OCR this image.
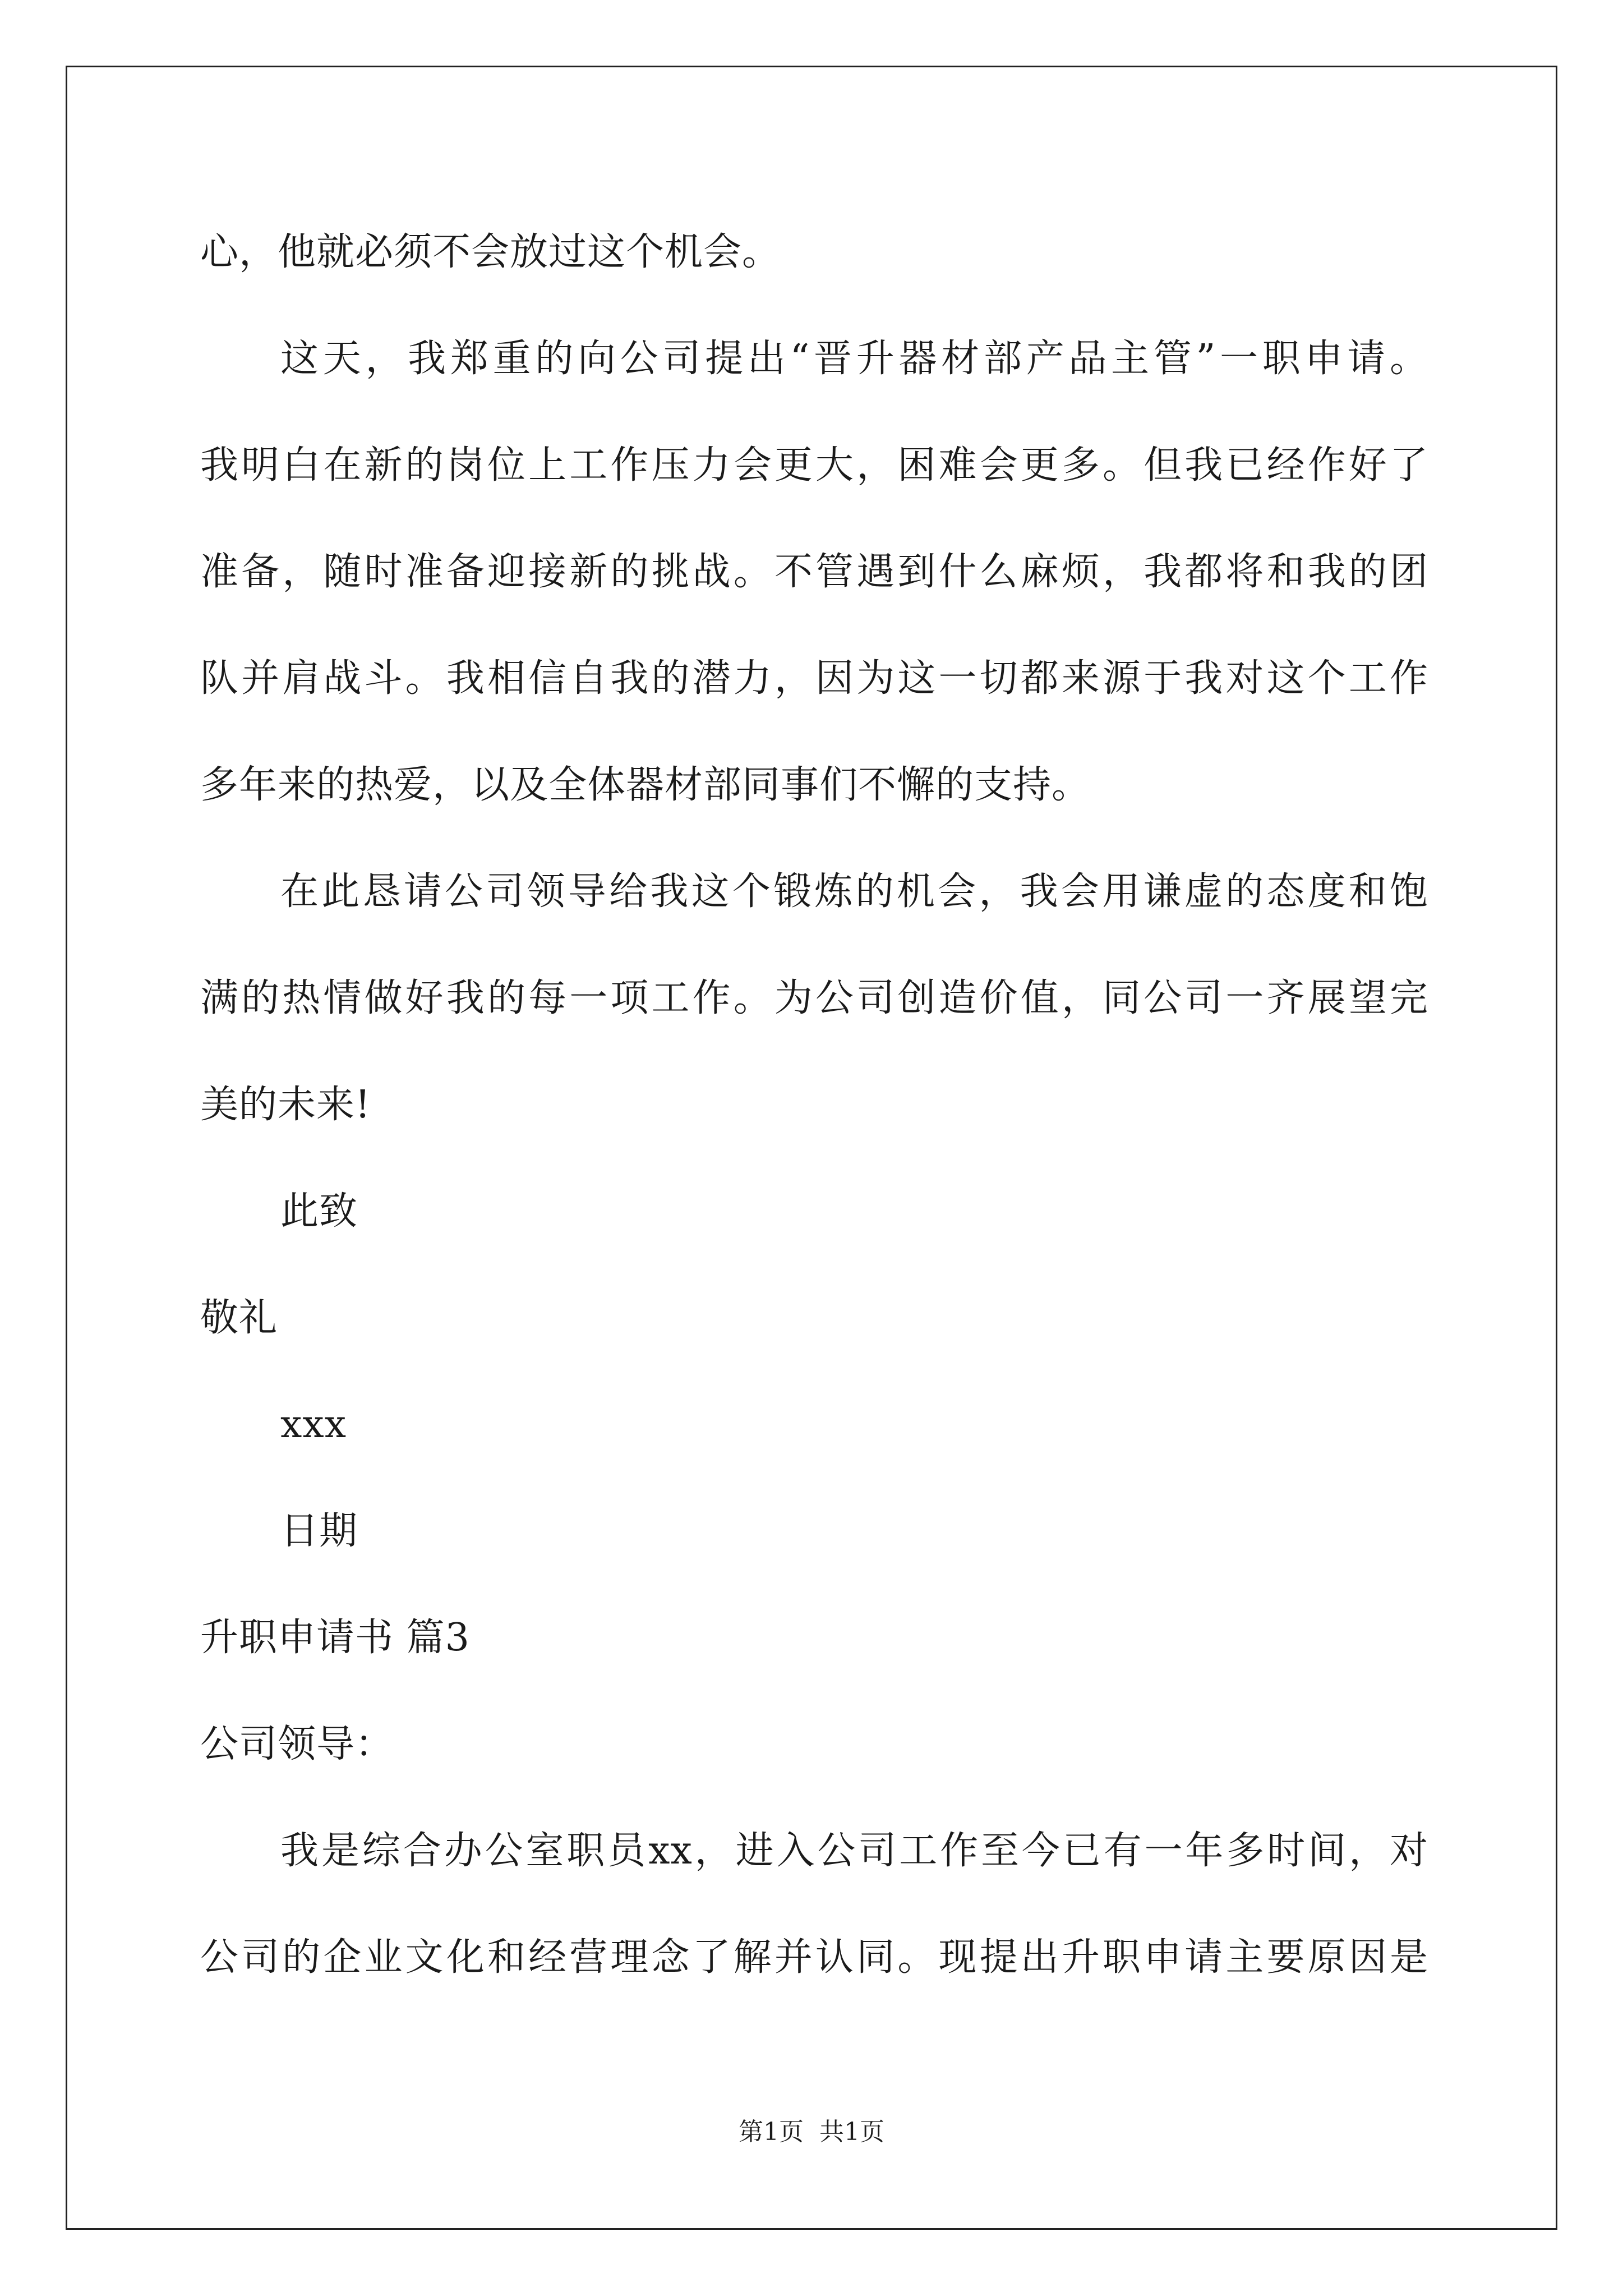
心，他就必须不会放过这个机会。
这天，我郑重的向公司提出“晋升器材部产品主管”一职申请。
我明白在新的岗位上工作压力会更大，困难会更多。但我已经作好了
准备，随时准备迎接新的挑战。不管遇到什么麻烦，我都将和我的团
队并肩战斗。我相信自我的潜力，因为这一切都来源于我对这个工作
多年来的热爱，以及全体器材部同事们不懈的支持。
在此恳请公司领导给我这个锻炼的机会，我会用谦虚的态度和饱
满的热情做好我的每一项工作。为公司创造价值，同公司一齐展望完
美的未来!
此致
敬礼
xxx
日期
升职申请书 篇3
公司领导：
我是综合办公室职员xx，进入公司工作至今已有一年多时间，对
公司的企业文化和经营理念了解并认同。现提出升职申请主要原因是
第1页 共1页
